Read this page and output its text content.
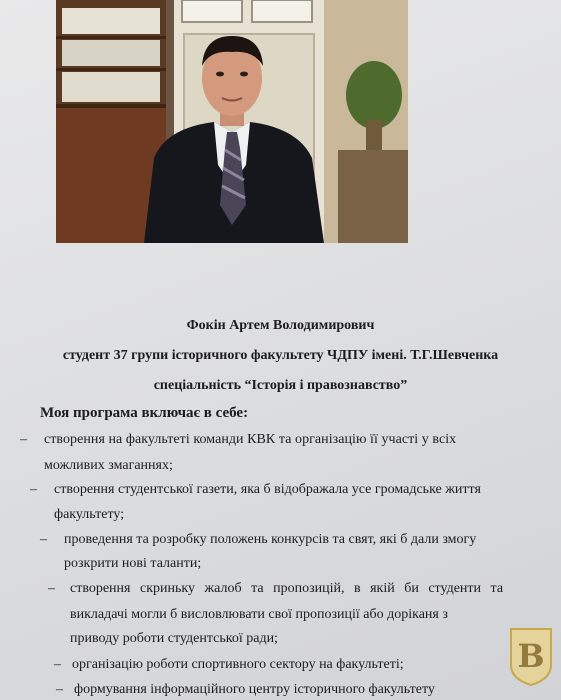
Фокін Артем Володимирович
студент 37 групи історичного факультету ЧДПУ імені. Т.Г.Шевченка
спеціальність “Історія і правознавство”
Моя програма включає в себе:
– створення на факультеті команди КВК та організацію її участі у всіх
можливих змаганнях;
– створення студентської газети, яка б відображала усе громадське життя
факультету;
– проведення та розробку положень конкурсів та свят, які б дали змогу
розкрити нові таланти;
– створення скриньку жалоб та пропозицій, в якій би студенти та
викладачі могли б висловлювати свої пропозиції або доріканя з
приводу роботи студентської ради;
– організацію роботи спортивного сектору на факультеті;
– формування інформаційного центру історичного факультету
В
